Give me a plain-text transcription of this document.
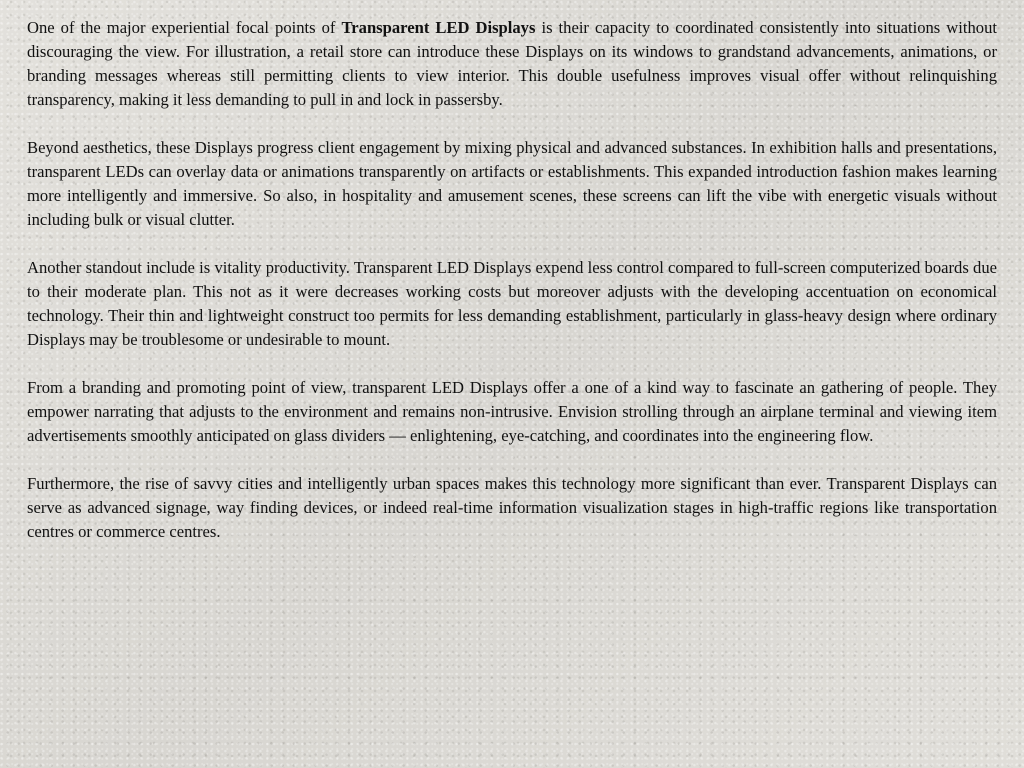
One of the major experiential focal points of Transparent LED Displays is their capacity to coordinated consistently into situations without discouraging the view. For illustration, a retail store can introduce these Displays on its windows to grandstand advancements, animations, or branding messages whereas still permitting clients to view interior. This double usefulness improves visual offer without relinquishing transparency, making it less demanding to pull in and lock in passersby.

Beyond aesthetics, these Displays progress client engagement by mixing physical and advanced substances. In exhibition halls and presentations, transparent LEDs can overlay data or animations transparently on artifacts or establishments. This expanded introduction fashion makes learning more intelligently and immersive. So also, in hospitality and amusement scenes, these screens can lift the vibe with energetic visuals without including bulk or visual clutter.

Another standout include is vitality productivity. Transparent LED Displays expend less control compared to full-screen computerized boards due to their moderate plan. This not as it were decreases working costs but moreover adjusts with the developing accentuation on economical technology. Their thin and lightweight construct too permits for less demanding establishment, particularly in glass-heavy design where ordinary Displays may be troublesome or undesirable to mount.

From a branding and promoting point of view, transparent LED Displays offer a one of a kind way to fascinate an gathering of people. They empower narrating that adjusts to the environment and remains non-intrusive. Envision strolling through an airplane terminal and viewing item advertisements smoothly anticipated on glass dividers — enlightening, eye-catching, and coordinates into the engineering flow.

Furthermore, the rise of savvy cities and intelligently urban spaces makes this technology more significant than ever. Transparent Displays can serve as advanced signage, way finding devices, or indeed real-time information visualization stages in high-traffic regions like transportation centres or commerce centres.
